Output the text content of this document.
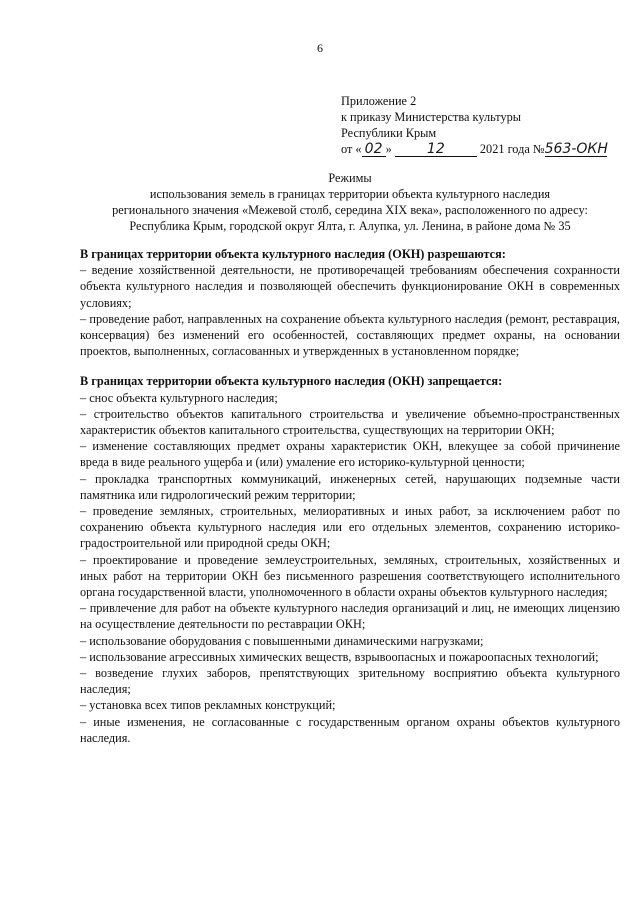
6
Приложение 2
к приказу Министерства культуры
Республики Крым
от « 02 »	12	2021 года №563-ОКН
Режимы
использования земель в границах территории объекта культурного наследия
регионального значения «Межевой столб, середина XIX века», расположенного по адресу:
Республика Крым, городской округ Ялта, г. Алупка, ул. Ленина, в районе дома № 35
В границах территории объекта культурного наследия (ОКН) разрешаются:

– ведение хозяйственной деятельности, не противоречащей требованиям обеспечения сохранности объекта культурного наследия и позволяющей обеспечить функционирование ОКН в современных условиях;

– проведение работ, направленных на сохранение объекта культурного наследия (ремонт, реставрация, консервация) без изменений его особенностей, составляющих предмет охраны, на основании проектов, выполненных, согласованных и утвержденных в установленном порядке;

В границах территории объекта культурного наследия (ОКН) запрещается:

– снос объекта культурного наследия;

– строительство объектов капитального строительства и увеличение объемно-пространственных характеристик объектов капитального строительства, существующих на территории ОКН;

– изменение составляющих предмет охраны характеристик ОКН, влекущее за собой причинение вреда в виде реального ущерба и (или) умаление его историко-культурной ценности;

– прокладка транспортных коммуникаций, инженерных сетей, нарушающих подземные части памятника или гидрологический режим территории;

– проведение земляных, строительных, мелиоративных и иных работ, за исключением работ по сохранению объекта культурного наследия или его отдельных элементов, сохранению историко-градостроительной или природной среды ОКН;

– проектирование и проведение землеустроительных, земляных, строительных, хозяйственных и иных работ на территории ОКН без письменного разрешения соответствующего исполнительного органа государственной власти, уполномоченного в области охраны объектов культурного наследия;

– привлечение для работ на объекте культурного наследия организаций и лиц, не имеющих лицензию на осуществление деятельности по реставрации ОКН;

– использование оборудования с повышенными динамическими нагрузками;

– использование агрессивных химических веществ, взрывоопасных и пожароопасных технологий;

– возведение глухих заборов, препятствующих зрительному восприятию объекта культурного наследия;

– установка всех типов рекламных конструкций;

– иные изменения, не согласованные с государственным органом охраны объектов культурного наследия.
